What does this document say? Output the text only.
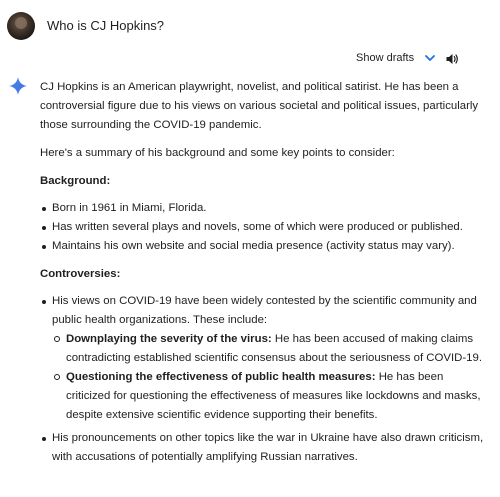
Who is CJ Hopkins?
Show drafts

CJ Hopkins is an American playwright, novelist, and political satirist. He has been a controversial figure due to his views on various societal and political issues, particularly those surrounding the COVID-19 pandemic.

Here's a summary of his background and some key points to consider:

Background:

Born in 1961 in Miami, Florida.
Has written several plays and novels, some of which were produced or published.
Maintains his own website and social media presence (activity status may vary).

Controversies:

His views on COVID-19 have been widely contested by the scientific community and public health organizations. These include:
Downplaying the severity of the virus: He has been accused of making claims contradicting established scientific consensus about the seriousness of COVID-19.
Questioning the effectiveness of public health measures: He has been criticized for questioning the effectiveness of measures like lockdowns and masks, despite extensive scientific evidence supporting their benefits.
His pronouncements on other topics like the war in Ukraine have also drawn criticism, with accusations of potentially amplifying Russian narratives.
